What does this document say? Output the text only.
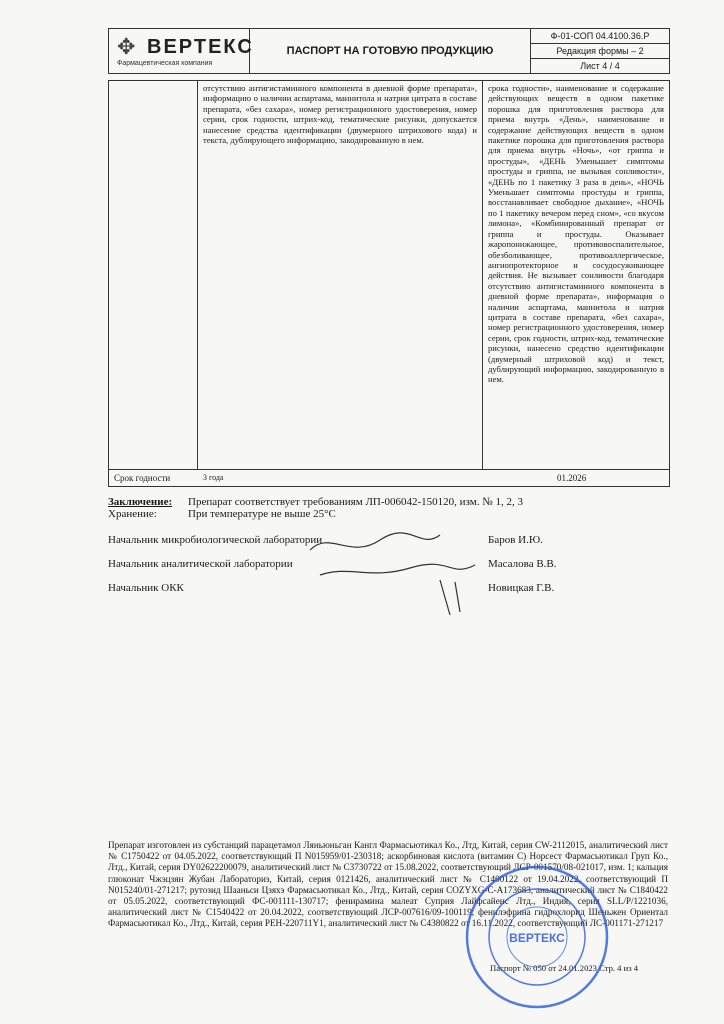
✥ ВЕРТЕКС
Фармацевтическая компания
ПАСПОРТ НА ГОТОВУЮ ПРОДУКЦИЮ
Ф-01-СОП 04.4100.36.Р
Редакция формы – 2
Лист 4 / 4
отсутствию антигистаминного компонента в дневной форме препарата», информацию о наличии аспартама, маннитола и натрия цитрата в составе препарата, «без сахара», номер регистрационного удостоверения, номер серии, срок годности, штрих-код, тематические рисунки, допускается нанесение средства идентификации (двумерного штрихового кода) и текста, дублирующего информацию, закодированную в нем.
срока годности», наименование и содержание действующих веществ в одном пакетике порошка для приготовления раствора для приема внутрь «День», наименование и содержание действующих веществ в одном пакетике порошка для приготовления раствора для приема внутрь «Ночь», «от гриппа и простуды», «ДЕНЬ Уменьшает симптомы простуды и гриппа, не вызывая сонливости», «ДЕНЬ по 1 пакетику 3 раза в день», «НОЧЬ Уменьшает симптомы простуды и гриппа, восстанавливает свободное дыхание», «НОЧЬ по 1 пакетику вечером перед сном», «со вкусом лимона», «Комбинированный препарат от гриппа и простуды. Оказывает жаропонижающее, противовоспалительное, обезболивающее, противоаллергическое, ангиопротекторное и сосудосуживающее действия. Не вызывает сонливости благодаря отсутствию антигистаминного компонента в дневной форме препарата», информация о наличии аспартама, маннитола и натрия цитрата в составе препарата, «без сахара», номер регистрационного удостоверения, номер серии, срок годности, штрих-код, тематические рисунки, нанесено средство идентификации (двумерный штриховой код) и текст, дублирующий информацию, закодированную в нем.
Срок годности	3 года	01.2026
Заключение: Препарат соответствует требованиям ЛП-006042-150120, изм. № 1, 2, 3
Хранение:	При температуре не выше 25°С
Начальник микробиологической лаборатории	Баров И.Ю.
Начальник аналитической лаборатории	Масалова В.В.
Начальник ОКК	Новицкая Г.В.
Препарат изготовлен из субстанций парацетамол Ляньюньган Кангл Фармасьютикал Ко., Лтд, Китай, серия CW-2112015, аналитический лист № С1750422 от 04.05.2022, соответствующий П N015959/01-230318; аскорбиновая кислота (витамин С) Норсест Фармасьютикал Груп Ко., Лтд., Китай, серия DY02622200079, аналитический лист № С3730722 от 15.08.2022, соответствующий ЛСР-001570/08-021017, изм. 1; кальция глюконат Чжэцзян Жубан Лабораториз, Китай, серия 0121426, аналитический лист № С1400122 от 19.04.2022, соответствующий П N015240/01-271217; рутозид Шааньси Цзяхэ Фармасьютикал Ко., Лтд., Китай, серия COZYXG-C-A173683, аналитический лист № С1840422 от 05.05.2022, соответствующий ФС-001111-130717; фенирамина малеат Суприя Лайфсайенс Лтд., Индия, серия SLL/P/1221036, аналитический лист № С1540422 от 20.04.2022, соответствующий ЛСР-007616/09-100119; фенилэфрина гидрохлорид Шеньжен Ориентал Фармасьютикал Ко., Лтд., Китай, серия PEH-220711Y1, аналитический лист № С4380822 от 16.11.2022, соответствующий ЛС-001171-271217
Паспорт № 050 от 24.01.2023 Стр. 4 из 4
ВЕРТЕКС
